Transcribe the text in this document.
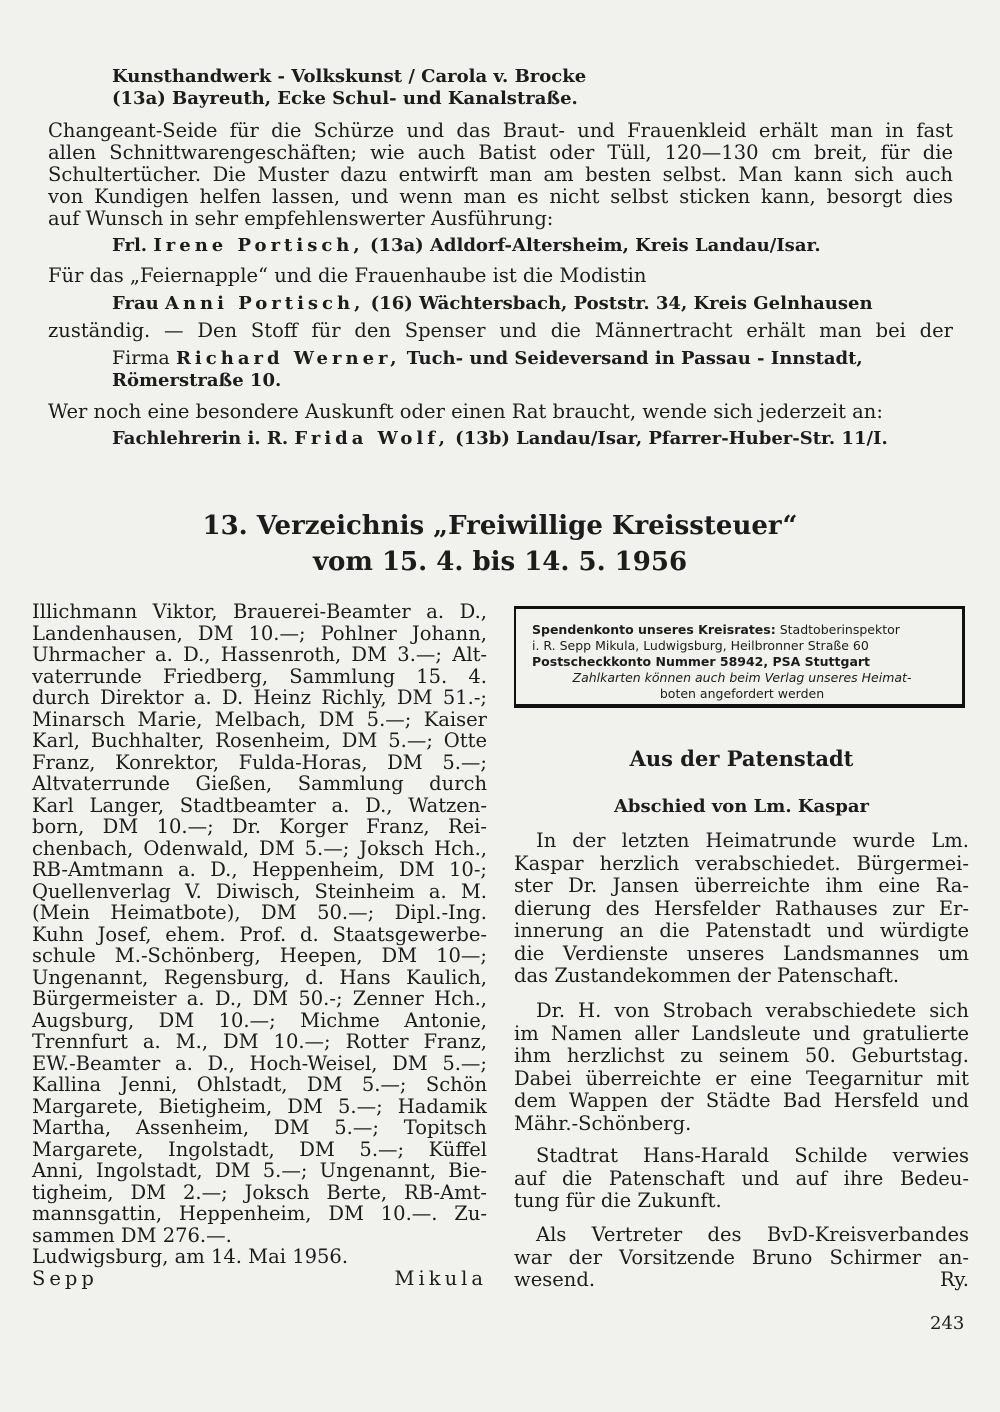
Kunsthandwerk - Volkskunst / Carola v. Brocke
(13a) Bayreuth, Ecke Schul- und Kanalstraße.
Changeant-Seide für die Schürze und das Braut- und Frauenkleid erhält man in fast
allen Schnittwarengeschäften; wie auch Batist oder Tüll, 120—130 cm breit, für die
Schultertücher. Die Muster dazu entwirft man am besten selbst. Man kann sich auch
von Kundigen helfen lassen, und wenn man es nicht selbst sticken kann, besorgt dies
auf Wunsch in sehr empfehlenswerter Ausführung:
Frl. Irene Portisch, (13a) Adldorf-Altersheim, Kreis Landau/Isar.
Für das „Feiernapple“ und die Frauenhaube ist die Modistin
Frau Anni Portisch, (16) Wächtersbach, Poststr. 34, Kreis Gelnhausen
zuständig. — Den Stoff für den Spenser und die Männertracht erhält man bei der
Firma Richard Werner, Tuch- und Seideversand in Passau - Innstadt,
Römerstraße 10.
Wer noch eine besondere Auskunft oder einen Rat braucht, wende sich jederzeit an:
Fachlehrerin i. R. Frida Wolf, (13b) Landau/Isar, Pfarrer-Huber-Str. 11/I.
13. Verzeichnis „Freiwillige Kreissteuer“
vom 15. 4. bis 14. 5. 1956
Illichmann Viktor, Brauerei-Beamter a. D.,
Landenhausen, DM 10.—; Pohlner Johann,
Uhrmacher a. D., Hassenroth, DM 3.—; Alt-
vaterrunde Friedberg, Sammlung 15. 4.
durch Direktor a. D. Heinz Richly, DM 51.-;
Minarsch Marie, Melbach, DM 5.—; Kaiser
Karl, Buchhalter, Rosenheim, DM 5.—; Otte
Franz, Konrektor, Fulda-Horas, DM 5.—;
Altvaterrunde Gießen, Sammlung durch
Karl Langer, Stadtbeamter a. D., Watzen-
born, DM 10.—; Dr. Korger Franz, Rei-
chenbach, Odenwald, DM 5.—; Joksch Hch.,
RB-Amtmann a. D., Heppenheim, DM 10-;
Quellenverlag V. Diwisch, Steinheim a. M.
(Mein Heimatbote), DM 50.—; Dipl.-Ing.
Kuhn Josef, ehem. Prof. d. Staatsgewerbe-
schule M.-Schönberg, Heepen, DM 10—;
Ungenannt, Regensburg, d. Hans Kaulich,
Bürgermeister a. D., DM 50.-; Zenner Hch.,
Augsburg, DM 10.—; Michme Antonie,
Trennfurt a. M., DM 10.—; Rotter Franz,
EW.-Beamter a. D., Hoch-Weisel, DM 5.—;
Kallina Jenni, Ohlstadt, DM 5.—; Schön
Margarete, Bietigheim, DM 5.—; Hadamik
Martha, Assenheim, DM 5.—; Topitsch
Margarete, Ingolstadt, DM 5.—; Küffel
Anni, Ingolstadt, DM 5.—; Ungenannt, Bie-
tigheim, DM 2.—; Joksch Berte, RB-Amt-
mannsgattin, Heppenheim, DM 10.—. Zu-
sammen DM 276.—.
Ludwigsburg, am 14. Mai 1956.
Sepp Mikula
Spendenkonto unseres Kreisrates: Stadtoberinspektor
i. R. Sepp Mikula, Ludwigsburg, Heilbronner Straße 60
Postscheckkonto Nummer 58942, PSA Stuttgart
Zahlkarten können auch beim Verlag unseres Heimat-
boten angefordert werden
Aus der Patenstadt
Abschied von Lm. Kaspar
In der letzten Heimatrunde wurde Lm.
Kaspar herzlich verabschiedet. Bürgermei-
ster Dr. Jansen überreichte ihm eine Ra-
dierung des Hersfelder Rathauses zur Er-
innerung an die Patenstadt und würdigte
die Verdienste unseres Landsmannes um
das Zustandekommen der Patenschaft.
Dr. H. von Strobach verabschiedete sich
im Namen aller Landsleute und gratulierte
ihm herzlichst zu seinem 50. Geburtstag.
Dabei überreichte er eine Teegarnitur mit
dem Wappen der Städte Bad Hersfeld und
Mähr.-Schönberg.
Stadtrat Hans-Harald Schilde verwies
auf die Patenschaft und auf ihre Bedeu-
tung für die Zukunft.
Als Vertreter des BvD-Kreisverbandes
war der Vorsitzende Bruno Schirmer an-
wesend.	Ry.
243
